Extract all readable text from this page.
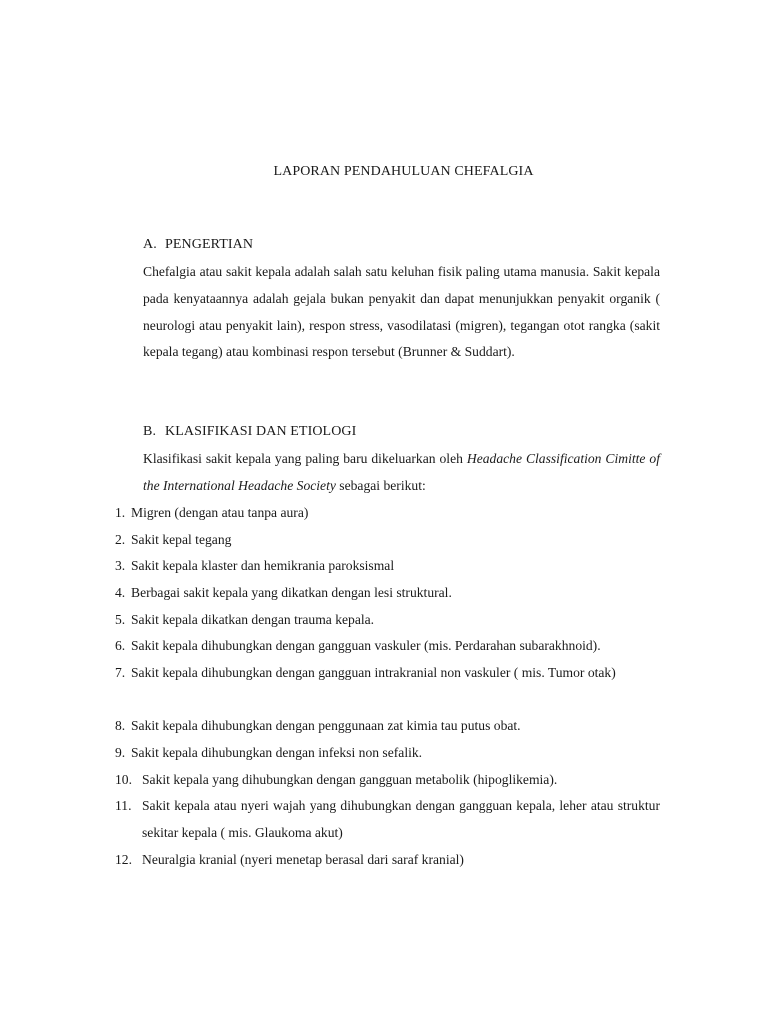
LAPORAN PENDAHULUAN CHEFALGIA
A. PENGERTIAN
Chefalgia atau sakit kepala adalah salah satu keluhan fisik paling utama manusia. Sakit kepala pada kenyataannya adalah gejala bukan penyakit dan dapat menunjukkan penyakit organik ( neurologi atau penyakit lain), respon stress, vasodilatasi (migren), tegangan otot rangka (sakit kepala tegang) atau kombinasi respon tersebut (Brunner & Suddart).
B. KLASIFIKASI DAN ETIOLOGI
Klasifikasi sakit kepala yang paling baru dikeluarkan oleh Headache Classification Cimitte of the International Headache Society sebagai berikut:
1. Migren (dengan atau tanpa aura)
2. Sakit kepal tegang
3. Sakit kepala klaster dan hemikrania paroksismal
4. Berbagai sakit kepala yang dikatkan dengan lesi struktural.
5. Sakit kepala dikatkan dengan trauma kepala.
6. Sakit kepala dihubungkan dengan gangguan vaskuler (mis. Perdarahan subarakhnoid).
7. Sakit kepala dihubungkan dengan gangguan intrakranial non vaskuler ( mis. Tumor otak)
8. Sakit kepala dihubungkan dengan penggunaan zat kimia tau putus obat.
9. Sakit kepala dihubungkan dengan infeksi non sefalik.
10. Sakit kepala yang dihubungkan dengan gangguan metabolik (hipoglikemia).
11. Sakit kepala atau nyeri wajah yang dihubungkan dengan gangguan kepala, leher atau struktur sekitar kepala ( mis. Glaukoma akut)
12. Neuralgia kranial (nyeri menetap berasal dari saraf kranial)
